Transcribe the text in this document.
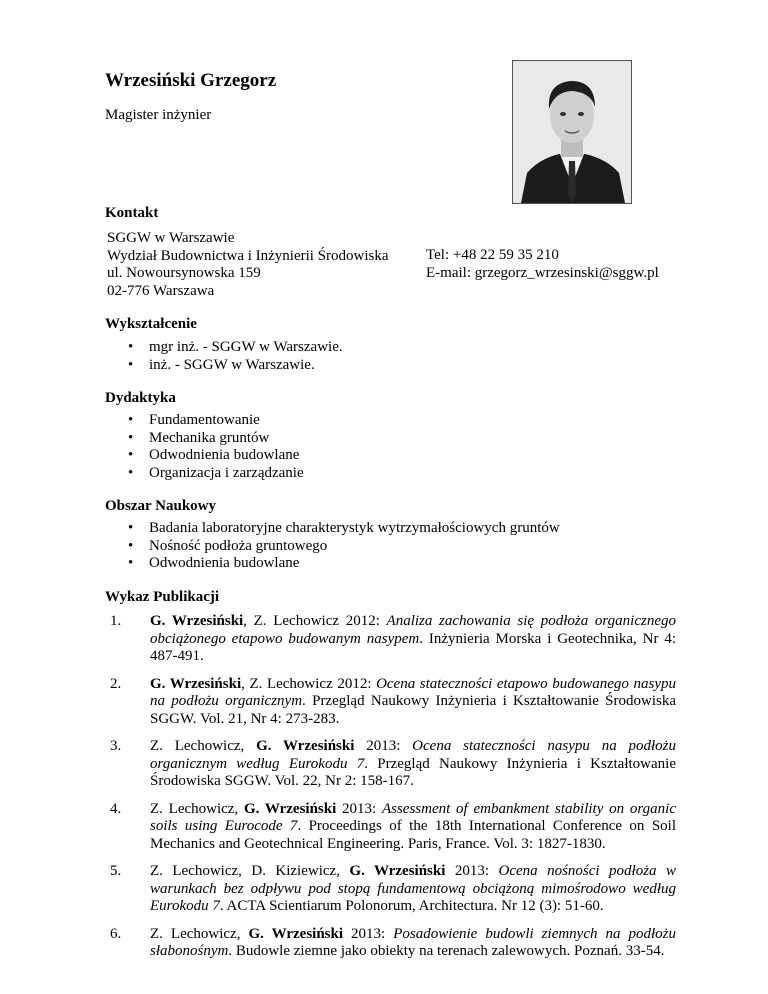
Wrzesiński Grzegorz
Magister inżynier
Kontakt
SGGW w Warszawie
Wydział Budownictwa i Inżynierii Środowiska
ul. Nowoursynowska 159
02-776 Warszawa
Tel: +48 22 59 35 210
E-mail: grzegorz_wrzesinski@sggw.pl
Wykształcenie
• mgr inż. - SGGW w Warszawie.
• inż. - SGGW w Warszawie.
Dydaktyka
• Fundamentowanie
• Mechanika gruntów
• Odwodnienia budowlane
• Organizacja i zarządzanie
Obszar Naukowy
• Badania laboratoryjne charakterystyk wytrzymałościowych gruntów
• Nośność podłoża gruntowego
• Odwodnienia budowlane
Wykaz Publikacji
1. G. Wrzesiński, Z. Lechowicz 2012: Analiza zachowania się podłoża organicznego obciążonego etapowo budowanym nasypem. Inżynieria Morska i Geotechnika, Nr 4: 487-491.
2. G. Wrzesiński, Z. Lechowicz 2012: Ocena stateczności etapowo budowanego nasypu na podłożu organicznym. Przegląd Naukowy Inżynieria i Kształtowanie Środowiska SGGW. Vol. 21, Nr 4: 273-283.
3. Z. Lechowicz, G. Wrzesiński 2013: Ocena stateczności nasypu na podłożu organicznym według Eurokodu 7. Przegląd Naukowy Inżynieria i Kształtowanie Środowiska SGGW. Vol. 22, Nr 2: 158-167.
4. Z. Lechowicz, G. Wrzesiński 2013: Assessment of embankment stability on organic soils using Eurocode 7. Proceedings of the 18th International Conference on Soil Mechanics and Geotechnical Engineering. Paris, France. Vol. 3: 1827-1830.
5. Z. Lechowicz, D. Kiziewicz, G. Wrzesiński 2013: Ocena nośności podłoża w warunkach bez odpływu pod stopą fundamentową obciążoną mimośrodowo według Eurokodu 7. ACTA Scientiarum Polonorum, Architectura. Nr 12 (3): 51-60.
6. Z. Lechowicz, G. Wrzesiński 2013: Posadowienie budowli ziemnych na podłożu słabonośnym. Budowle ziemne jako obiekty na terenach zalewowych. Poznań. 33-54.
